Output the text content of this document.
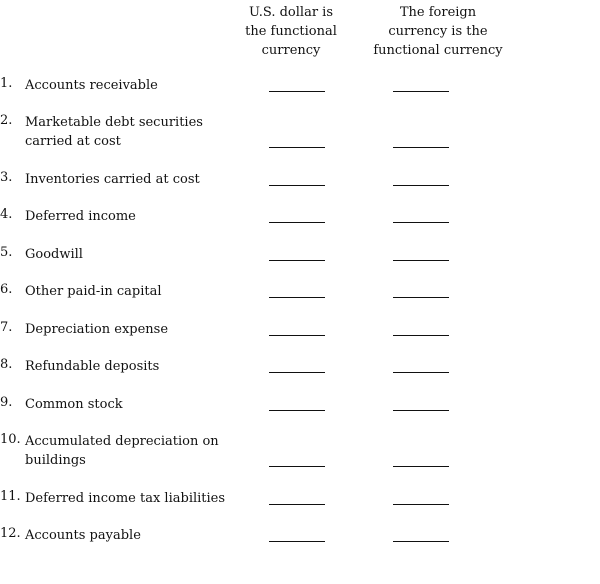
U.S. dollar is
the functional
currency
The foreign
currency is the
functional currency
1. Accounts receivable
2. Marketable debt securities
carried at cost
3. Inventories carried at cost
4. Deferred income
5. Goodwill
6. Other paid-in capital
7. Depreciation expense
8. Refundable deposits
9. Common stock
10. Accumulated depreciation on
buildings
11. Deferred income tax liabilities
12. Accounts payable
